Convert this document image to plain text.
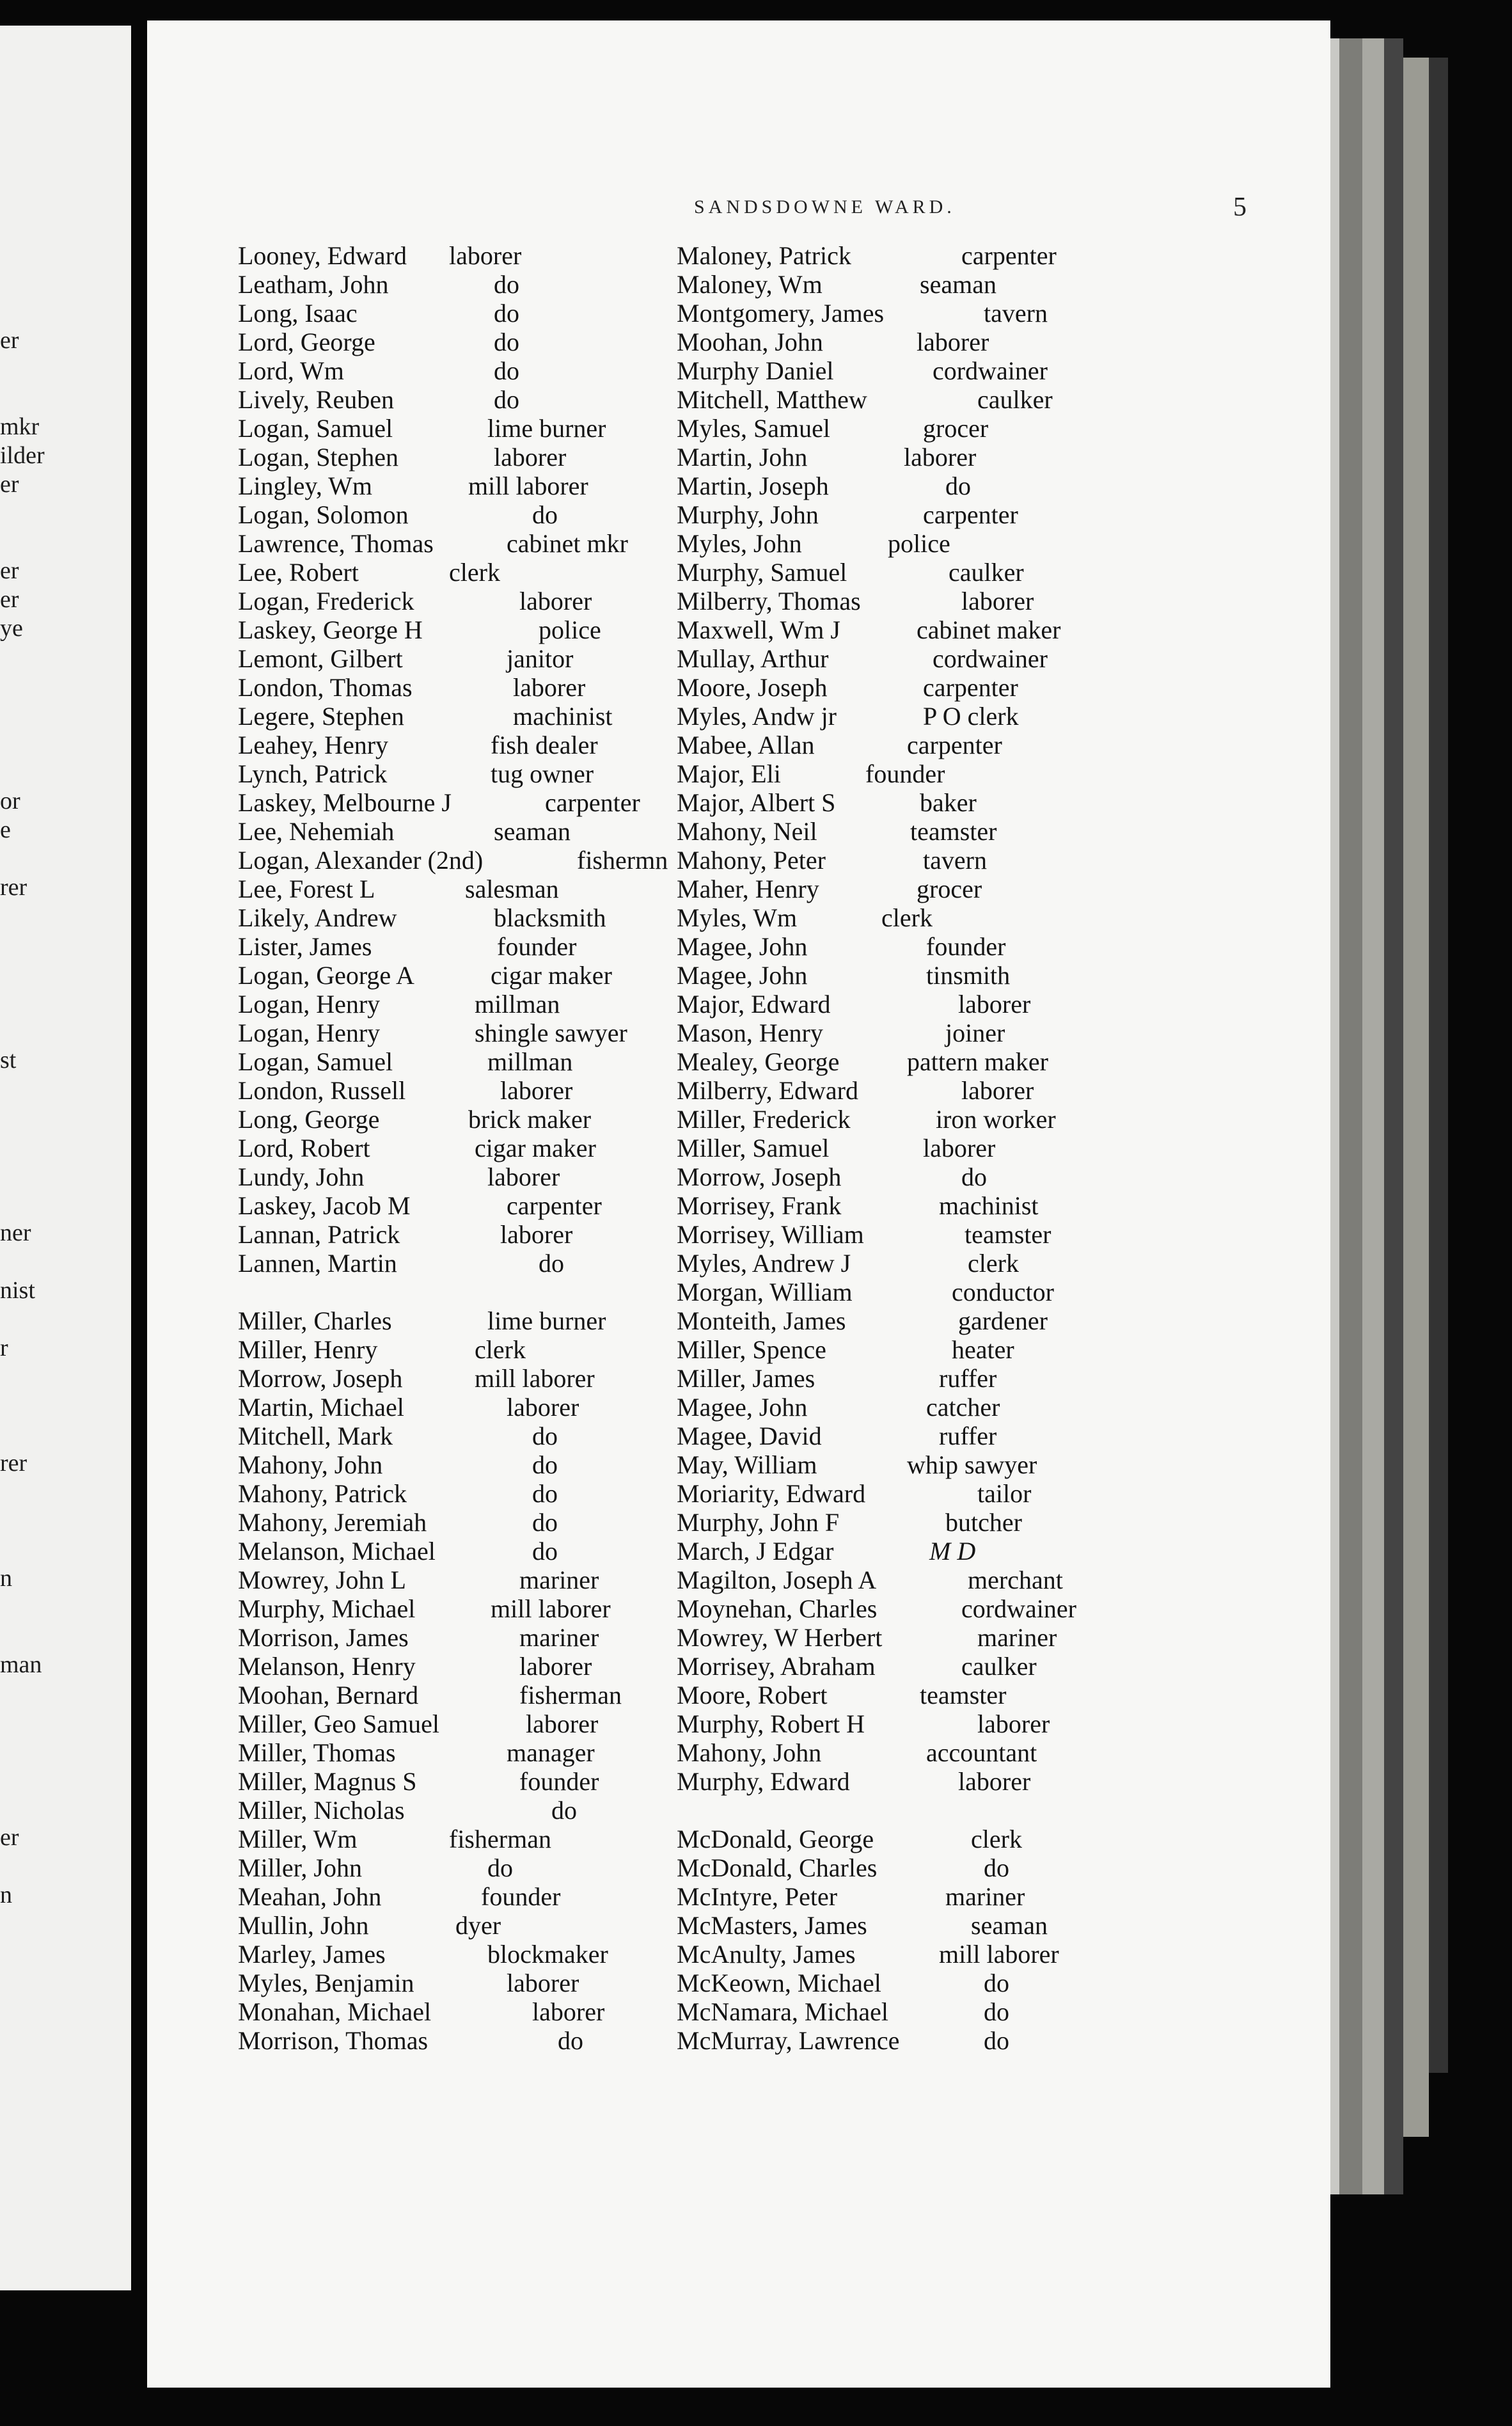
er
mkr
ilder
er
er
er
ye
or
e
rer
st
ner
nist
r
rer
n
man
er
n
SANDSDOWNE WARD.	5
Looney, Edward laborer
Leatham, John	do
Long, Isaac	do
Lord, George	do
Lord, Wm	do
Lively, Reuben	do
Logan, Samuel	lime burner
Logan, Stephen	laborer
Lingley, Wm	mill laborer
Logan, Solomon	do
Lawrence, Thomas	cabinet mkr
Lee, Robert	clerk
Logan, Frederick	laborer
Laskey, George H	police
Lemont, Gilbert	janitor
London, Thomas	laborer
Legere, Stephen	machinist
Leahey, Henry	fish dealer
Lynch, Patrick	tug owner
Laskey, Melbourne J	carpenter
Lee, Nehemiah	seaman
Logan, Alexander (2nd)	fishermn
Lee, Forest L	salesman
Likely, Andrew	blacksmith
Lister, James	founder
Logan, George A	cigar maker
Logan, Henry	millman
Logan, Henry	shingle sawyer
Logan, Samuel	millman
London, Russell	laborer
Long, George	brick maker
Lord, Robert	cigar maker
Lundy, John	laborer
Laskey, Jacob M	carpenter
Lannan, Patrick	laborer
Lannen, Martin	do
Miller, Charles	lime burner
Miller, Henry	clerk
Morrow, Joseph	mill laborer
Martin, Michael	laborer
Mitchell, Mark	do
Mahony, John	do
Mahony, Patrick	do
Mahony, Jeremiah	do
Melanson, Michael	do
Mowrey, John L	mariner
Murphy, Michael	mill laborer
Morrison, James	mariner
Melanson, Henry	laborer
Moohan, Bernard	fisherman
Miller, Geo Samuel	laborer
Miller, Thomas	manager
Miller, Magnus S	founder
Miller, Nicholas	do
Miller, Wm	fisherman
Miller, John	do
Meahan, John	founder
Mullin, John	dyer
Marley, James	blockmaker
Myles, Benjamin	laborer
Monahan, Michael	laborer
Morrison, Thomas	do
Maloney, Patrick	carpenter
Maloney, Wm	seaman
Montgomery, James	tavern
Moohan, John	laborer
Murphy Daniel	cordwainer
Mitchell, Matthew	caulker
Myles, Samuel	grocer
Martin, John	laborer
Martin, Joseph	do
Murphy, John	carpenter
Myles, John	police
Murphy, Samuel	caulker
Milberry, Thomas	laborer
Maxwell, Wm J	cabinet maker
Mullay, Arthur	cordwainer
Moore, Joseph	carpenter
Myles, Andw jr	P O clerk
Mabee, Allan	carpenter
Major, Eli	founder
Major, Albert S	baker
Mahony, Neil	teamster
Mahony, Peter	tavern
Maher, Henry	grocer
Myles, Wm	clerk
Magee, John	founder
Magee, John	tinsmith
Major, Edward	laborer
Mason, Henry	joiner
Mealey, George	pattern maker
Milberry, Edward	laborer
Miller, Frederick	iron worker
Miller, Samuel	laborer
Morrow, Joseph	do
Morrisey, Frank	machinist
Morrisey, William	teamster
Myles, Andrew J	clerk
Morgan, William	conductor
Monteith, James	gardener
Miller, Spence	heater
Miller, James	ruffer
Magee, John	catcher
Magee, David	ruffer
May, William	whip sawyer
Moriarity, Edward	tailor
Murphy, John F	butcher
March, J Edgar	M D
Magilton, Joseph A	merchant
Moynehan, Charles	cordwainer
Mowrey, W Herbert	mariner
Morrisey, Abraham	caulker
Moore, Robert	teamster
Murphy, Robert H	laborer
Mahony, John	accountant
Murphy, Edward	laborer
McDonald, George	clerk
McDonald, Charles	do
McIntyre, Peter	mariner
McMasters, James	seaman
McAnulty, James	mill laborer
McKeown, Michael	do
McNamara, Michael	do
McMurray, Lawrence	do
